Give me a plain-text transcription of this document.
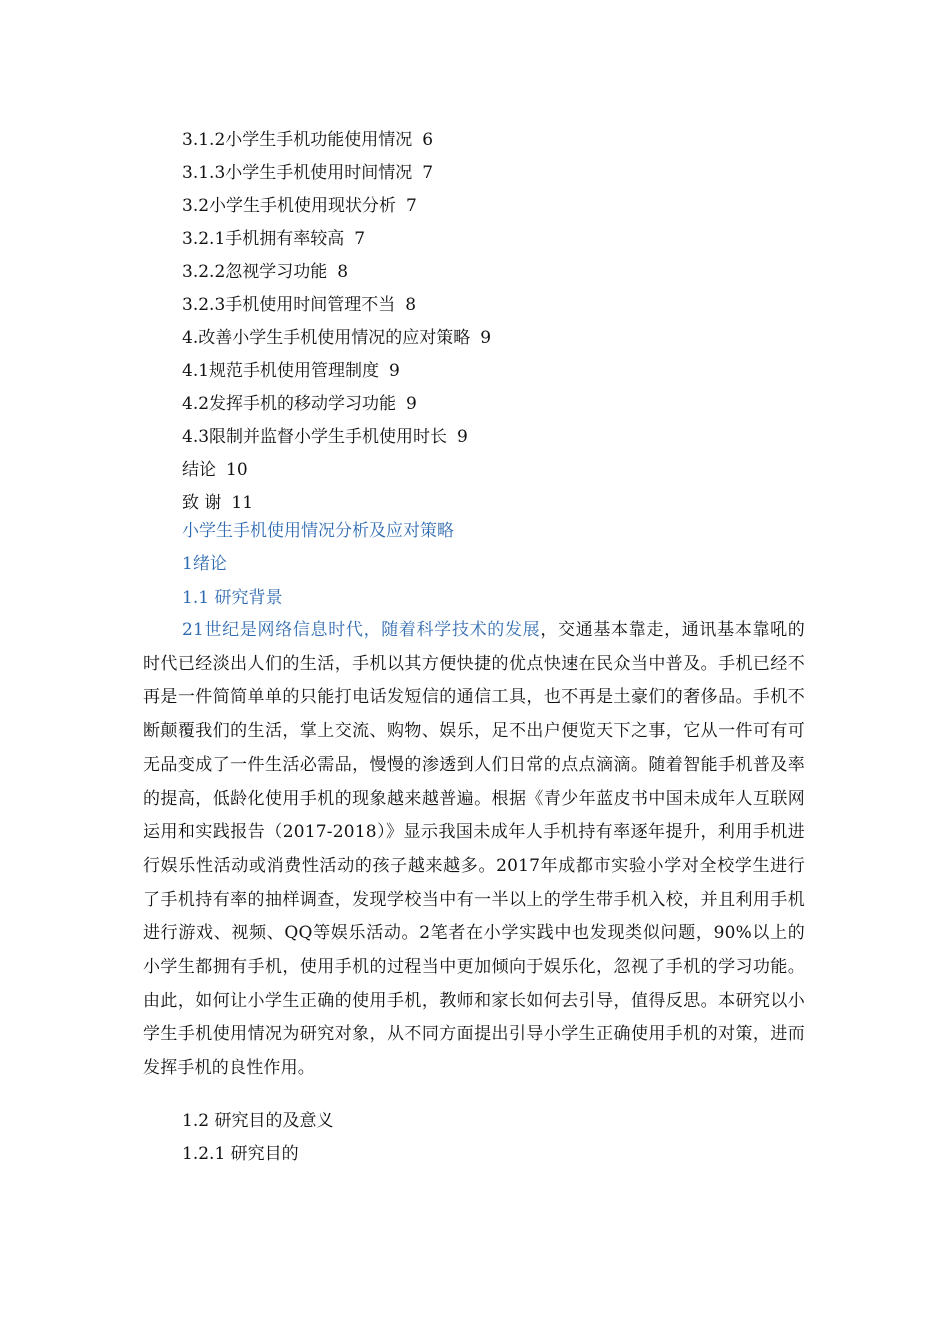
3.1.2小学生手机功能使用情况 6
3.1.3小学生手机使用时间情况 7
3.2小学生手机使用现状分析 7
3.2.1手机拥有率较高 7
3.2.2忽视学习功能 8
3.2.3手机使用时间管理不当 8
4.改善小学生手机使用情况的应对策略 9
4.1规范手机使用管理制度 9
4.2发挥手机的移动学习功能 9
4.3限制并监督小学生手机使用时长 9
结论 10
致 谢 11
小学生手机使用情况分析及应对策略
1绪论
1.1 研究背景

21世纪是网络信息时代，随着科学技术的发展，交通基本靠走，通讯基本靠吼的时代已经淡出人们的生活，手机以其方便快捷的优点快速在民众当中普及。手机已经不再是一件简简单单的只能打电话发短信的通信工具，也不再是土豪们的奢侈品。手机不断颠覆我们的生活，掌上交流、购物、娱乐，足不出户便览天下之事，它从一件可有可无品变成了一件生活必需品，慢慢的渗透到人们日常的点点滴滴。随着智能手机普及率的提高，低龄化使用手机的现象越来越普遍。根据《青少年蓝皮书中国未成年人互联网运用和实践报告（2017-2018）》显示我国未成年人手机持有率逐年提升，利用手机进行娱乐性活动或消费性活动的孩子越来越多。2017年成都市实验小学对全校学生进行了手机持有率的抽样调查，发现学校当中有一半以上的学生带手机入校，并且利用手机进行游戏、视频、QQ等娱乐活动。2笔者在小学实践中也发现类似问题，90%以上的小学生都拥有手机，使用手机的过程当中更加倾向于娱乐化，忽视了手机的学习功能。由此，如何让小学生正确的使用手机，教师和家长如何去引导，值得反思。本研究以小学生手机使用情况为研究对象，从不同方面提出引导小学生正确使用手机的对策，进而发挥手机的良性作用。

1.2 研究目的及意义
1.2.1 研究目的
